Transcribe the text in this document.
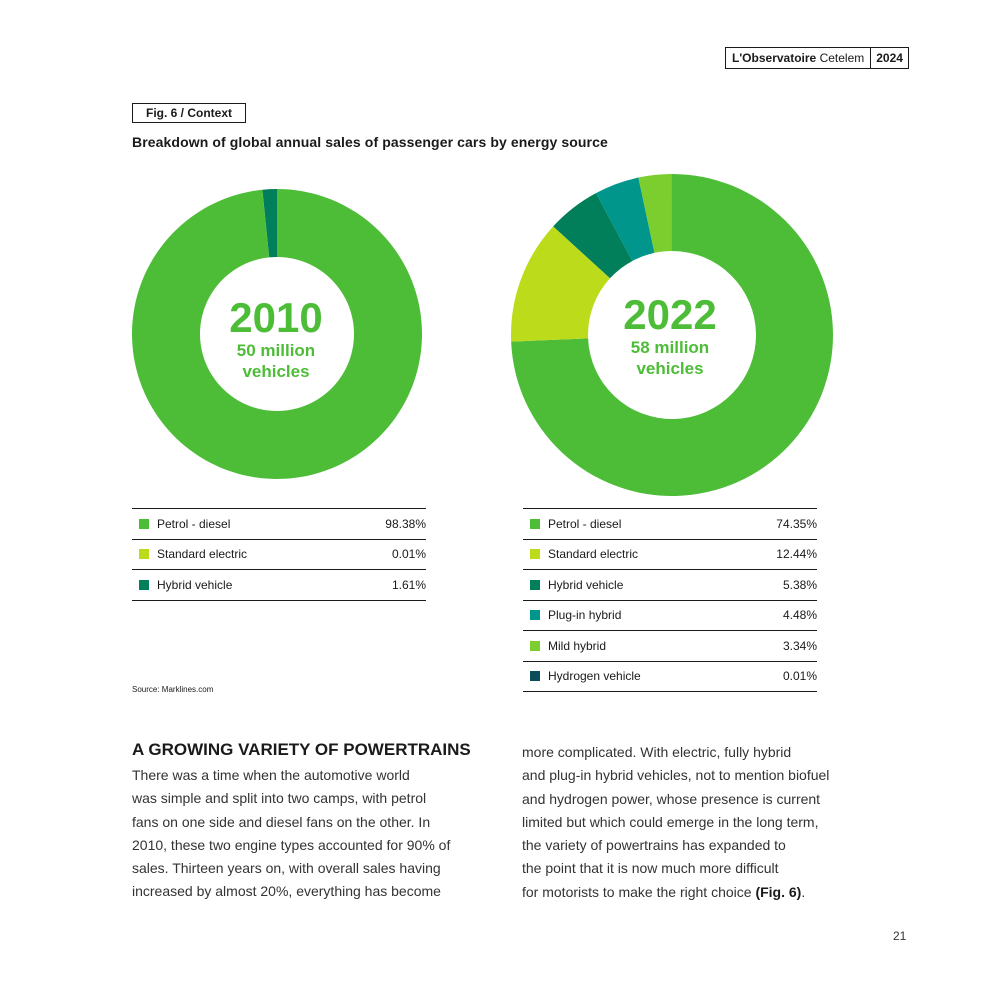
L'Observatoire Cetelem	2024
Fig. 6 / Context
Breakdown of global annual sales of passenger cars by energy source
2010
50 million
vehicles
2022
58 million
vehicles
Petrol - diesel	98.38%
Standard electric	0.01%
Hybrid vehicle	1.61%
Petrol - diesel	74.35%
Standard electric	12.44%
Hybrid vehicle	5.38%
Plug-in hybrid	4.48%
Mild hybrid	3.34%
Hydrogen vehicle	0.01%
Source: Marklines.com
A GROWING VARIETY OF POWERTRAINS

There was a time when the automotive world
was simple and split into two camps, with petrol
fans on one side and diesel fans on the other. In
2010, these two engine types accounted for 90% of
sales. Thirteen years on, with overall sales having
increased by almost 20%, everything has become

more complicated. With electric, fully hybrid
and plug-in hybrid vehicles, not to mention biofuel
and hydrogen power, whose presence is current
limited but which could emerge in the long term,
the variety of powertrains has expanded to
the point that it is now much more difficult
for motorists to make the right choice (Fig. 6).

21
